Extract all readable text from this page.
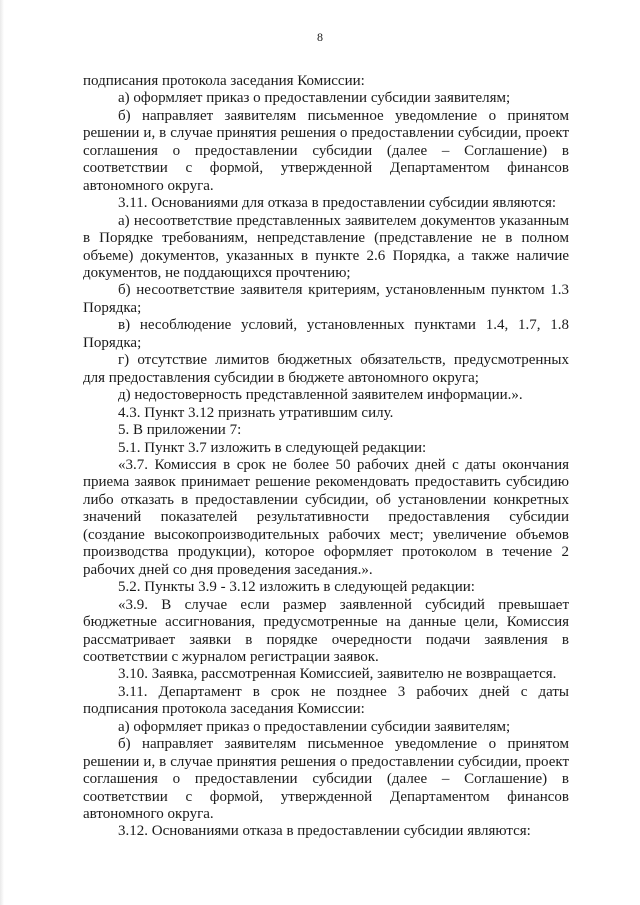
8

подписания протокола заседания Комиссии:

а) оформляет приказ о предоставлении субсидии заявителям;

б) направляет заявителям письменное уведомление о принятом решении и, в случае принятия решения о предоставлении субсидии, проект соглашения о предоставлении субсидии (далее – Соглашение) в соответствии с формой, утвержденной Департаментом финансов автономного округа.

3.11. Основаниями для отказа в предоставлении субсидии являются:

а) несоответствие представленных заявителем документов указанным в Порядке требованиям, непредставление (представление не в полном объеме) документов, указанных в пункте 2.6 Порядка, а также наличие документов, не поддающихся прочтению;

б) несоответствие заявителя критериям, установленным пунктом 1.3 Порядка;

в) несоблюдение условий, установленных пунктами 1.4, 1.7, 1.8 Порядка;

г) отсутствие лимитов бюджетных обязательств, предусмотренных для предоставления субсидии в бюджете автономного округа;

д) недостоверность представленной заявителем информации.».

4.3. Пункт 3.12 признать утратившим силу.

5. В приложении 7:

5.1. Пункт 3.7 изложить в следующей редакции:

«3.7. Комиссия в срок не более 50 рабочих дней с даты окончания приема заявок принимает решение рекомендовать предоставить субсидию либо отказать в предоставлении субсидии, об установлении конкретных значений показателей результативности предоставления субсидии (создание высокопроизводительных рабочих мест; увеличение объемов производства продукции), которое оформляет протоколом в течение 2 рабочих дней со дня проведения заседания.».

5.2. Пункты 3.9 - 3.12 изложить в следующей редакции:

«3.9. В случае если размер заявленной субсидий превышает бюджетные ассигнования, предусмотренные на данные цели, Комиссия рассматривает заявки в порядке очередности подачи заявления в соответствии с журналом регистрации заявок.

3.10. Заявка, рассмотренная Комиссией, заявителю не возвращается.

3.11. Департамент в срок не позднее 3 рабочих дней с даты подписания протокола заседания Комиссии:

а) оформляет приказ о предоставлении субсидии заявителям;

б) направляет заявителям письменное уведомление о принятом решении и, в случае принятия решения о предоставлении субсидии, проект соглашения о предоставлении субсидии (далее – Соглашение) в соответствии с формой, утвержденной Департаментом финансов автономного округа.

3.12. Основаниями отказа в предоставлении субсидии являются:
